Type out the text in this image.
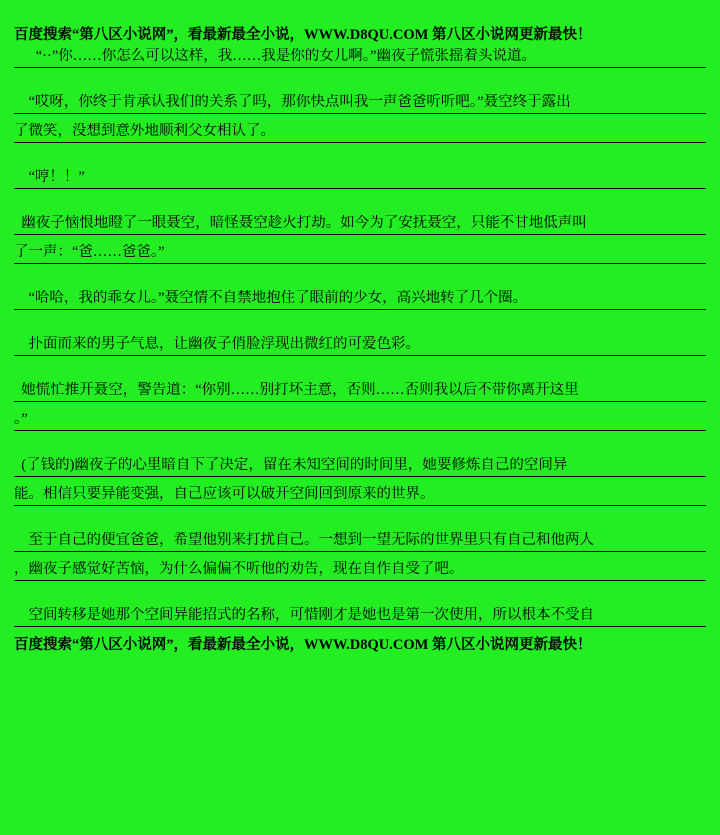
百度搜索“第八区小说网”，看最新最全小说，WWW.D8QU.COM 第八区小说网更新最快！
“··”你……你怎么可以这样，我……我是你的女儿啊。”幽夜子慌张摇着头说道。
“哎呀，你终于肯承认我们的关系了吗，那你快点叫我一声爸爸听听吧。”聂空终于露出
了微笑，没想到意外地顺利父女相认了。
“哼！！”
幽夜子恼恨地瞪了一眼聂空，暗怪聂空趁火打劫。如今为了安抚聂空，只能不甘地低声叫
了一声：“爸……爸爸。”
“哈哈，我的乖女儿。”聂空情不自禁地抱住了眼前的少女，高兴地转了几个圈。
扑面而来的男子气息，让幽夜子俏脸浮现出微红的可爱色彩。
她慌忙推开聂空，警告道：“你别……别打坏主意，否则……否则我以后不带你离开这里
。”
(了钱的)幽夜子的心里暗自下了决定，留在未知空间的时间里，她要修炼自己的空间异
能。相信只要异能变强，自己应该可以破开空间回到原来的世界。
至于自己的便宜爸爸，希望他别来打扰自己。一想到一望无际的世界里只有自己和他两人
，幽夜子感觉好苦恼，为什么偏偏不听他的劝告，现在自作自受了吧。
空间转移是她那个空间异能招式的名称，可惜刚才是她也是第一次使用，所以根本不受自
百度搜索“第八区小说网”，看最新最全小说，WWW.D8QU.COM 第八区小说网更新最快！
